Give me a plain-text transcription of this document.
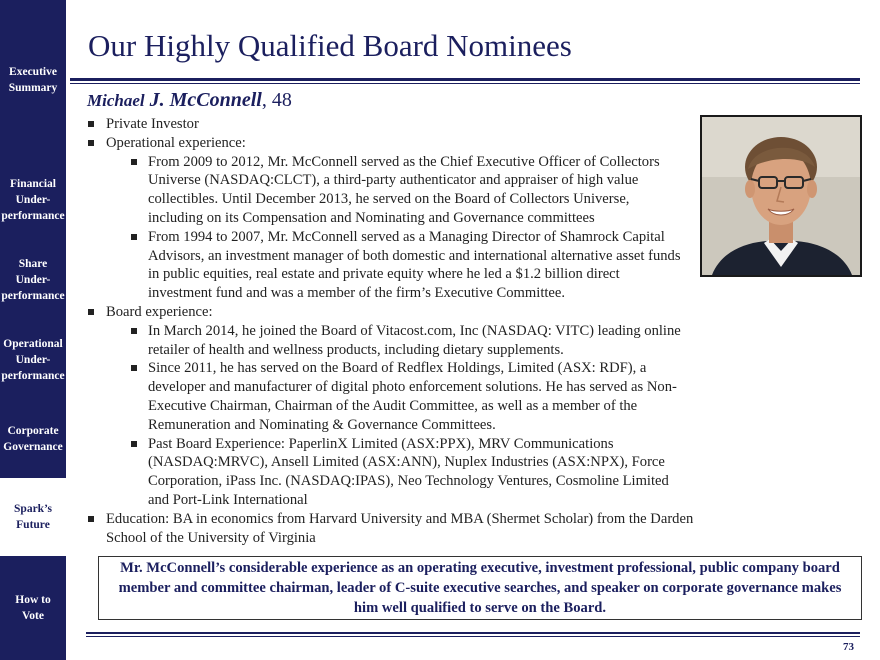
Executive
Summary
Financial
Under-
performance
Share
Under-
performance
Operational
Under-
performance
Corporate
Governance
Spark’s
Future
How to
Vote
Our Highly Qualified Board Nominees
Michael J. McConnell, 48
Private Investor
Operational experience:
From 2009 to 2012, Mr. McConnell served as the Chief Executive Officer of Collectors Universe (NASDAQ:CLCT), a third-party authenticator and appraiser of high value collectibles. Until December 2013, he served on the Board of Collectors Universe, including on its Compensation and Nominating and Governance committees
From 1994 to 2007, Mr. McConnell served as a Managing Director of Shamrock Capital Advisors, an investment manager of both domestic and international alternative asset funds in public equities, real estate and private equity where he led a $1.2 billion direct investment fund and was a member of the firm’s Executive Committee.
Board experience:
In March 2014, he joined the Board of Vitacost.com, Inc (NASDAQ: VITC) leading online retailer of health and wellness products, including dietary supplements.
Since 2011, he has served on the Board of Redflex Holdings, Limited (ASX: RDF), a developer and manufacturer of digital photo enforcement solutions. He has served as Non-Executive Chairman, Chairman of the Audit Committee, as well as a member of the Remuneration and Nominating & Governance Committees.
Past Board Experience: PaperlinX Limited (ASX:PPX), MRV Communications (NASDAQ:MRVC), Ansell Limited (ASX:ANN), Nuplex Industries (ASX:NPX), Force Corporation, iPass Inc. (NASDAQ:IPAS), Neo Technology Ventures, Cosmoline Limited and Port-Link International
Education: BA in economics from Harvard University and MBA (Shermet Scholar) from the Darden School of the University of Virginia
Mr. McConnell’s considerable experience as an operating executive, investment professional, public company board member and committee chairman, leader of C-suite executive searches, and speaker on corporate governance makes him well qualified to serve on the Board.
73
